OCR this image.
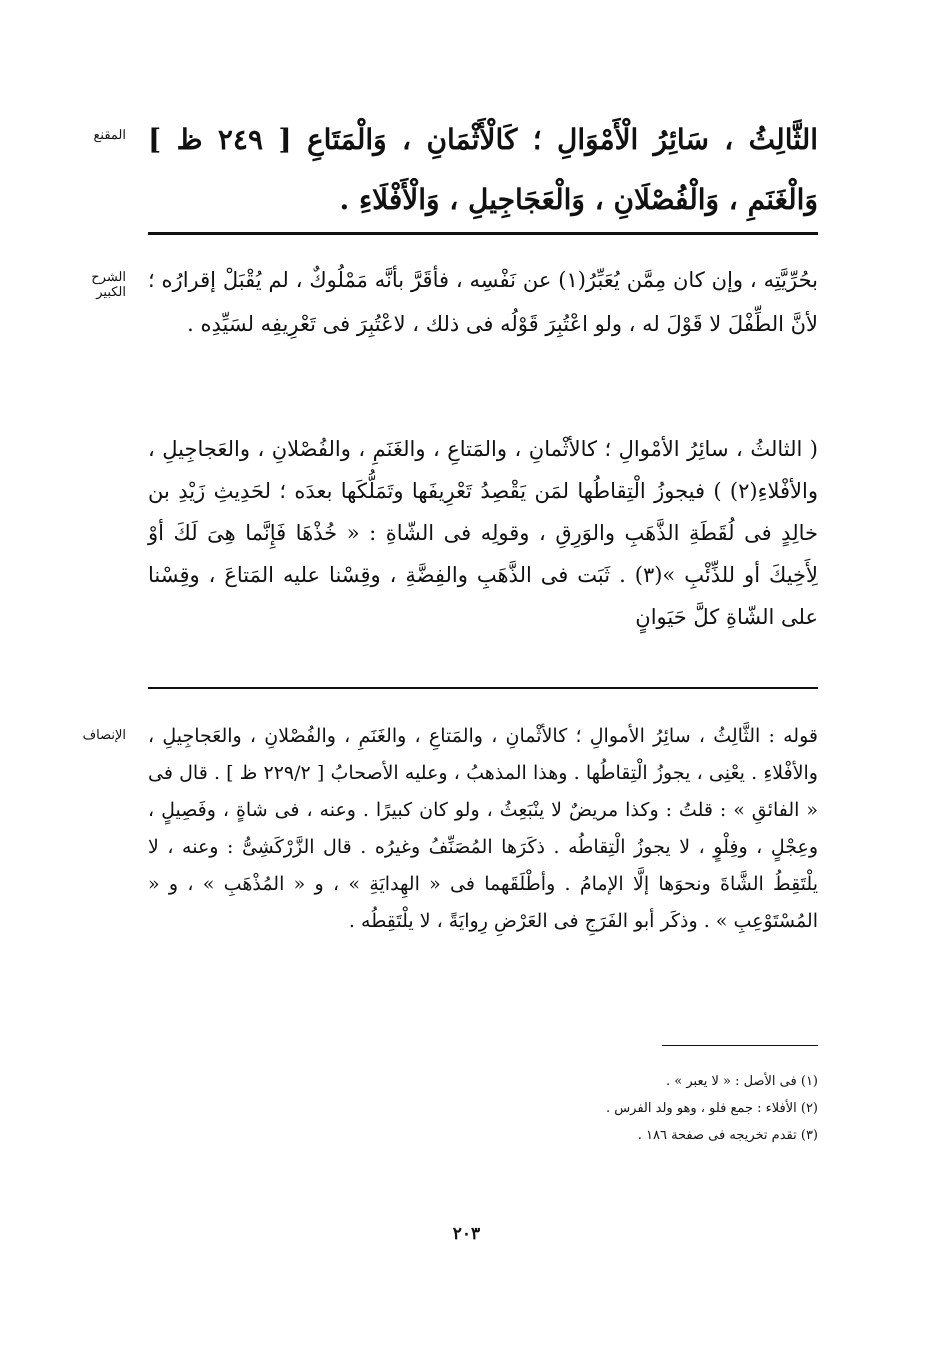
المقنع الثَّالِثُ ، سَائِرُ الْأَمْوَالِ ؛ كَالْأَثْمَانِ ، وَالْمَتَاعِ [ ٢٤٩ ظ ] وَالْغَنَمِ ، وَالْفُصْلَانِ ، وَالْعَجَاجِيلِ ، وَالْأَفْلَاءِ .

الشرح الكبير

بحُرِّيَّتِه ، وإن كان مِمَّن يُعَبِّرُ(١) عن نَفْسِه ، فأقَرَّ بأنَّه مَمْلُوكٌ ، لم يُقْبَلْ إقرارُه ؛ لأنَّ الطِّفْلَ لا قَوْلَ له ، ولو اعْتُبِرَ قَوْلُه فى ذلك ، لاعْتُبِرَ فى تَعْرِيفِه لسَيِّدِه .

( الثالثُ ، سائِرُ الأمْوالِ ؛ كالأثْمانِ ، والمَتاعِ ، والغَنَمِ ، والفُصْلانِ ، والعَجاجِيلِ ، والأفْلاءِ(٢) ) فيجوزُ الْتِقاطُها لمَن يَقْصِدُ تَعْرِيفَها وتَمَلُّكَها بعدَه ؛ لحَدِيثِ زَيْدِ بن خالِدٍ فى لُقَطَةِ الذَّهَبِ والوَرِقِ ، وقولِه فى الشّاةِ : « خُذْهَا فَإِنَّما هِىَ لَكَ أوْ لِأَخِيكَ أو للذِّئْبِ »(٣) . ثَبَت فى الذَّهَبِ والفِضَّةِ ، وقِسْنا عليه المَتاعَ ، وقِسْنا على الشّاةِ كلَّ حَيَوانٍ

الإنصاف قوله : الثَّالِثُ ، سائِرُ الأموالِ ؛ كالأثْمانِ ، والمَتاعِ ، والغَنَمِ ، والفُصْلانِ ، والعَجاجِيلِ ، والأفْلاءِ . يعْنِى ، يجوزُ الْتِقاطُها . وهذا المذهبُ ، وعليه الأصحابُ [ ٢٢٩/٢ ظ ] . قال فى « الفائقِ » : قلتُ : وكذا مريضٌ لا ينْبَعِثُ ، ولو كان كبيرًا . وعنه ، فى شاةٍ ، وفَصِيلٍ ، وعِجْلٍ ، وفِلْوٍ ، لا يجوزُ الْتِقاطُه . ذكَرَها المُصَنِّفُ وغيرُه . قال الزَّرْكَشِىُّ : وعنه ، لا يلْتَقِطُ الشَّاةَ ونحوَها إلَّا الإمامُ . وأطْلَقَهما فى « الهِدايَةِ » ، و « المُذْهَبِ » ، و « المُسْتَوْعِبِ » . وذكَر أبو الفَرَجِ فى العَرْضِ رِوايَةً ، لا يلْتَقِطُه .

(١) فى الأصل : « لا يعبر » .
(٢) الأفلاء : جمع فلو ، وهو ولد الفرس .
(٣) تقدم تخريجه فى صفحة ١٨٦ .
٢٠٣
